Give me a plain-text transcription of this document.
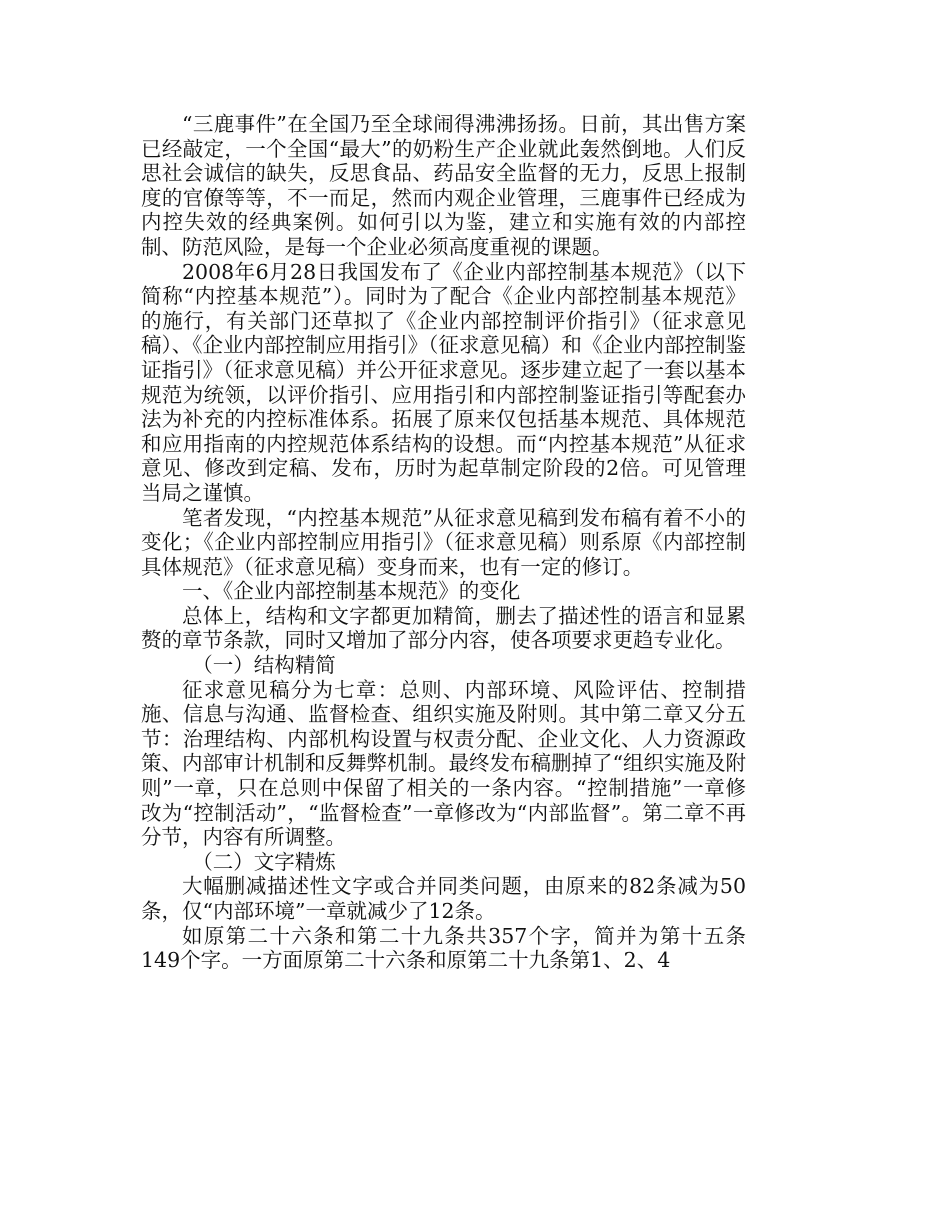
“三鹿事件”在全国乃至全球闹得沸沸扬扬。日前，其出售方案已经敲定，一个全国“最大”的奶粉生产企业就此轰然倒地。人们反思社会诚信的缺失，反思食品、药品安全监督的无力，反思上报制度的官僚等等，不一而足，然而内观企业管理，三鹿事件已经成为内控失效的经典案例。如何引以为鉴，建立和实施有效的内部控制、防范风险，是每一个企业必须高度重视的课题。

2008年6月28日我国发布了《企业内部控制基本规范》（以下简称“内控基本规范”）。同时为了配合《企业内部控制基本规范》的施行，有关部门还草拟了《企业内部控制评价指引》（征求意见稿）、《企业内部控制应用指引》（征求意见稿）和《企业内部控制鉴证指引》（征求意见稿）并公开征求意见。逐步建立起了一套以基本规范为统领，以评价指引、应用指引和内部控制鉴证指引等配套办法为补充的内控标准体系。拓展了原来仅包括基本规范、具体规范和应用指南的内控规范体系结构的设想。而“内控基本规范”从征求意见、修改到定稿、发布，历时为起草制定阶段的2倍。可见管理当局之谨慎。

笔者发现，“内控基本规范”从征求意见稿到发布稿有着不小的变化；《企业内部控制应用指引》（征求意见稿）则系原《内部控制具体规范》（征求意见稿）变身而来，也有一定的修订。

一、《企业内部控制基本规范》的变化

总体上，结构和文字都更加精简，删去了描述性的语言和显累赘的章节条款，同时又增加了部分内容，使各项要求更趋专业化。

（一）结构精简

征求意见稿分为七章：总则、内部环境、风险评估、控制措施、信息与沟通、监督检查、组织实施及附则。其中第二章又分五节：治理结构、内部机构设置与权责分配、企业文化、人力资源政策、内部审计机制和反舞弊机制。最终发布稿删掉了“组织实施及附则”一章，只在总则中保留了相关的一条内容。“控制措施”一章修改为“控制活动”，“监督检查”一章修改为“内部监督”。第二章不再分节，内容有所调整。

（二）文字精炼

大幅删减描述性文字或合并同类问题，由原来的82条减为50条，仅“内部环境”一章就减少了12条。

如原第二十六条和第二十九条共357个字，简并为第十五条149个字。一方面原第二十六条和原第二十九条第1、2、4
